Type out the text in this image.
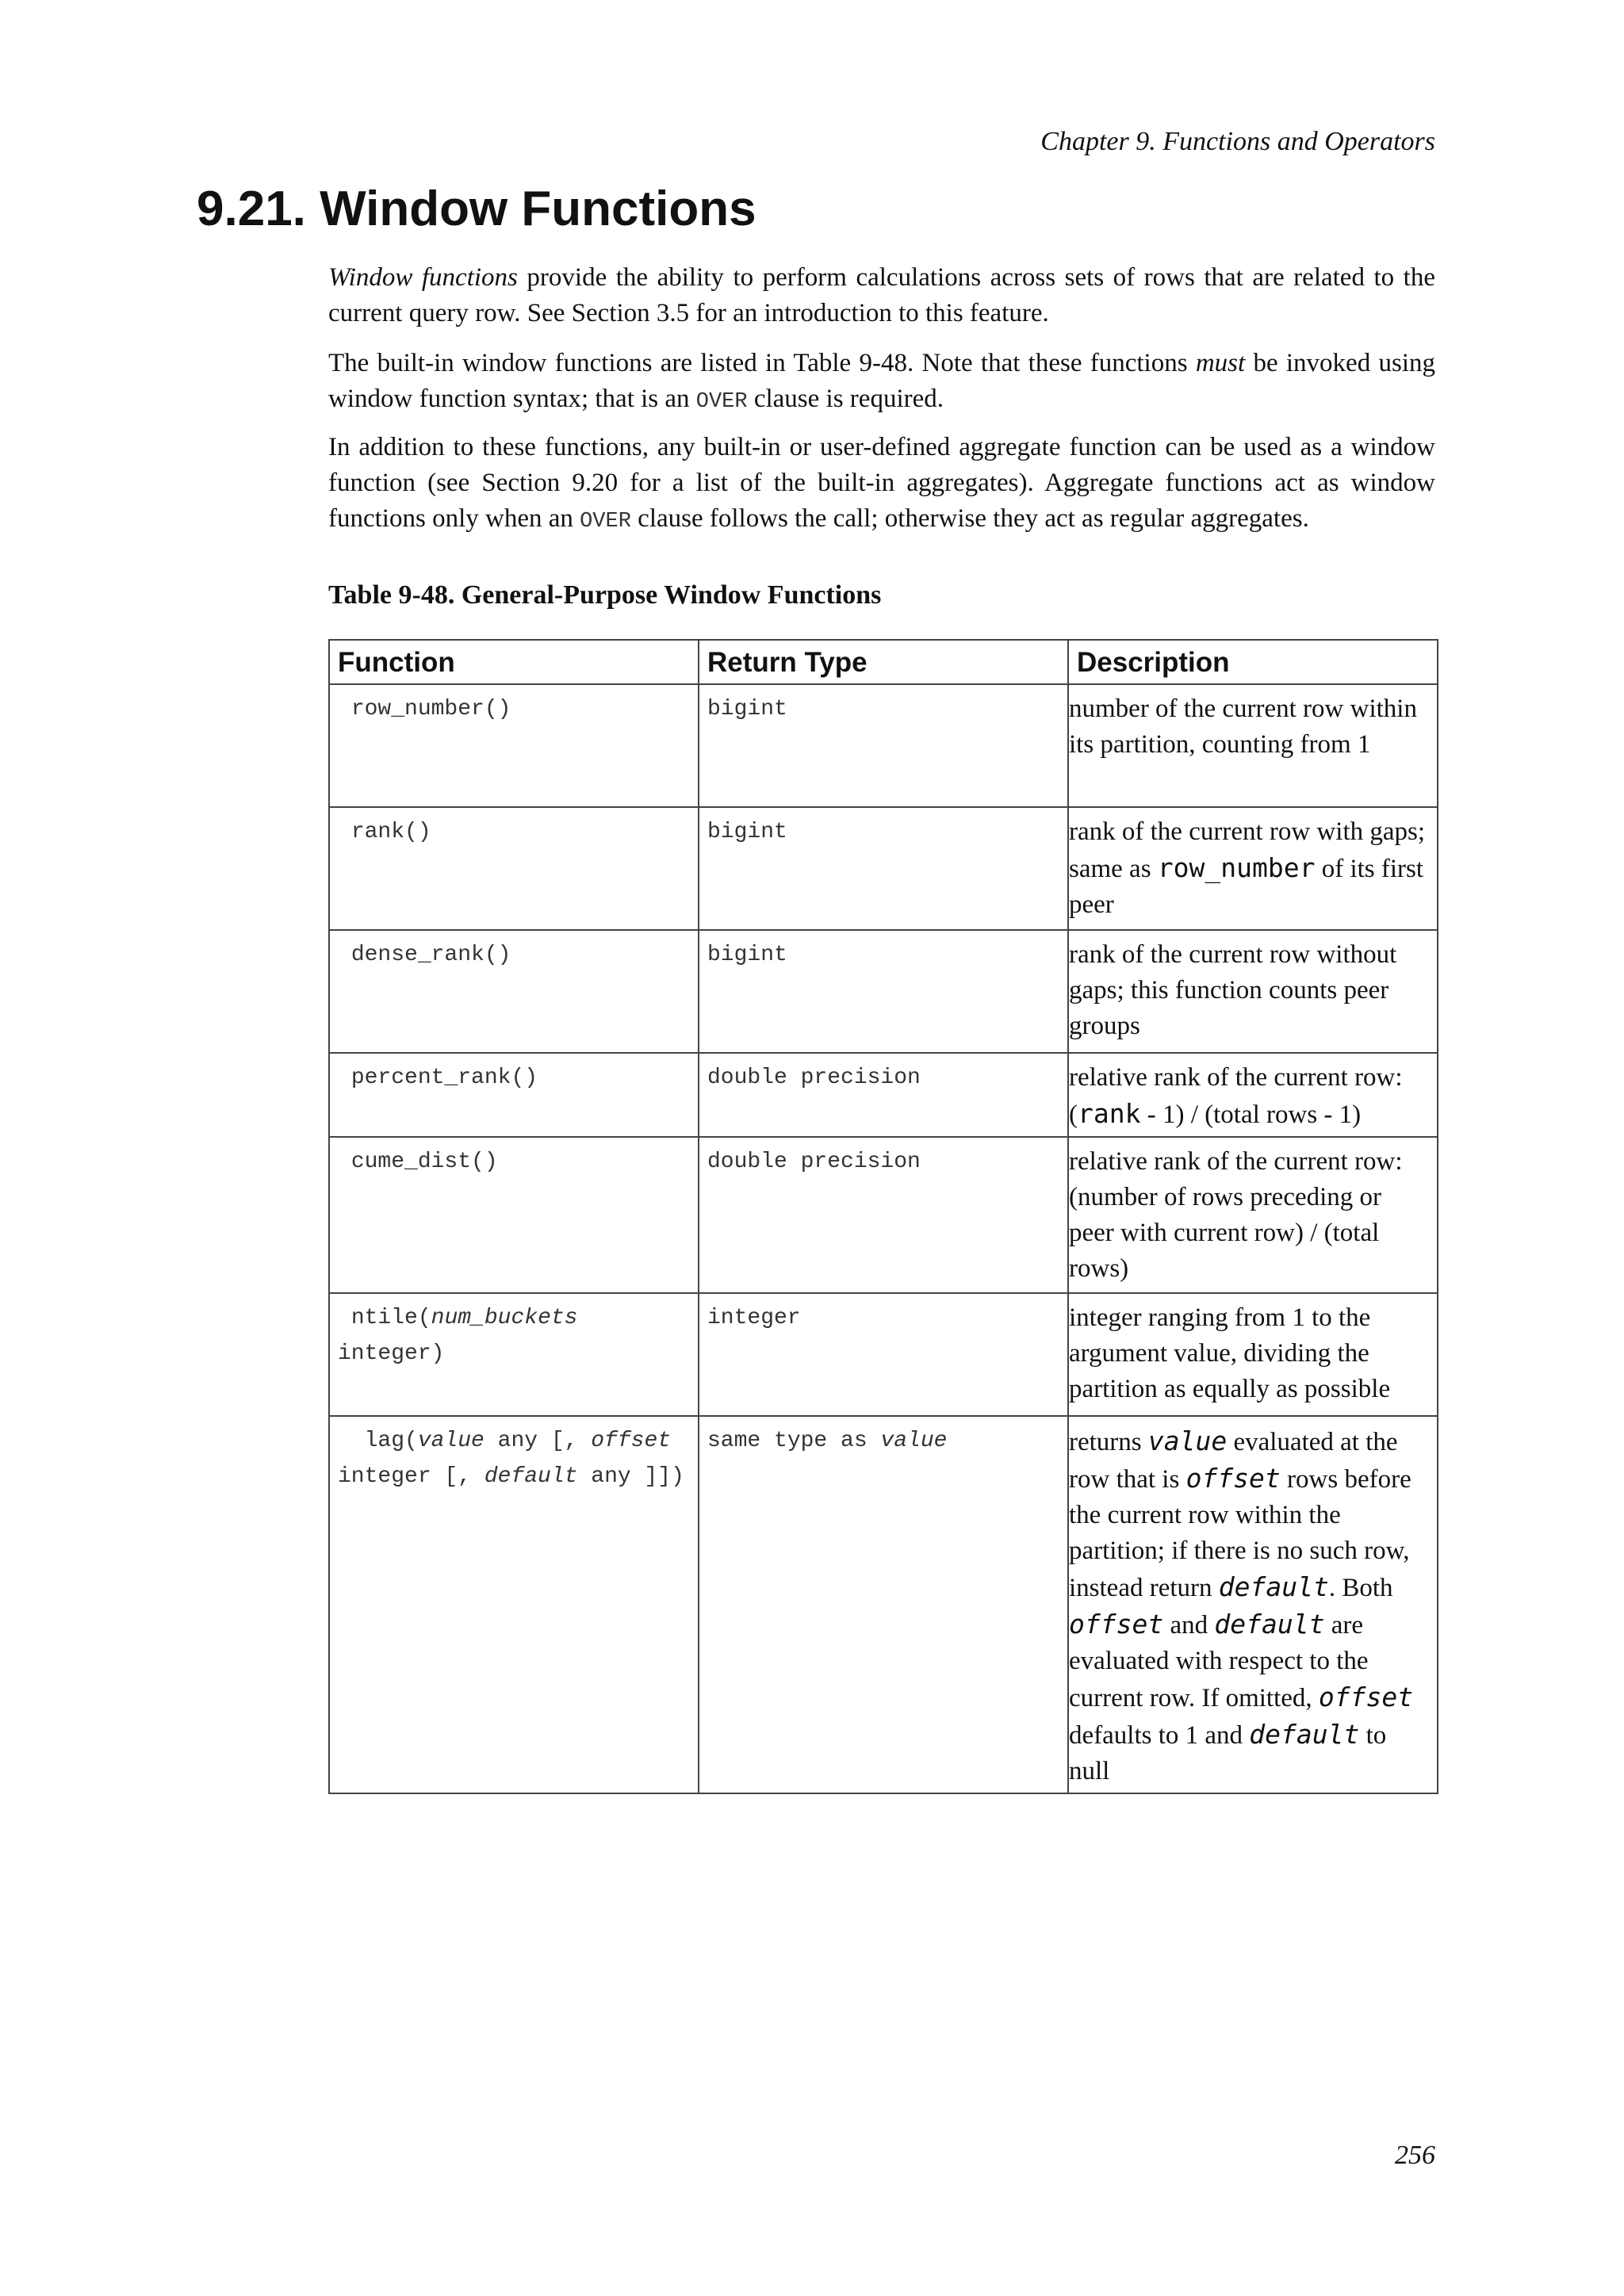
Chapter 9. Functions and Operators
9.21. Window Functions

Window functions provide the ability to perform calculations across sets of rows that are related to the current query row. See Section 3.5 for an introduction to this feature.

The built-in window functions are listed in Table 9-48. Note that these functions must be invoked using window function syntax; that is an OVER clause is required.

In addition to these functions, any built-in or user-defined aggregate function can be used as a window function (see Section 9.20 for a list of the built-in aggregates). Aggregate functions act as window functions only when an OVER clause follows the call; otherwise they act as regular aggregates.

Table 9-48. General-Purpose Window Functions

Function	Return Type	Description
row_number()	bigint	number of the current row within its partition, counting from 1
rank()	bigint	rank of the current row with gaps; same as row_number of its first peer
dense_rank()	bigint	rank of the current row without gaps; this function counts peer groups
percent_rank()	double precision	relative rank of the current row: (rank - 1) / (total rows - 1)
cume_dist()	double precision	relative rank of the current row: (number of rows preceding or peer with current row) / (total rows)
ntile(num_buckets integer)	integer	integer ranging from 1 to the argument value, dividing the partition as equally as possible
lag(value any [, offset integer [, default any ]])	same type as value	returns value evaluated at the row that is offset rows before the current row within the partition; if there is no such row, instead return default. Both offset and default are evaluated with respect to the current row. If omitted, offset defaults to 1 and default to null
256
